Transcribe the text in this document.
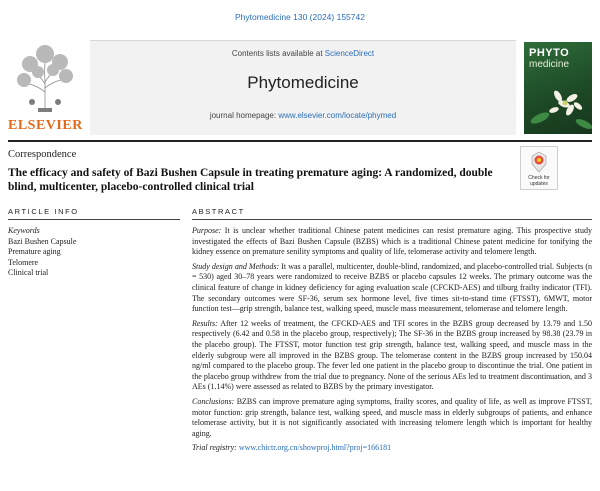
Phytomedicine 130 (2024) 155742
ELSEVIER
Contents lists available at ScienceDirect
Phytomedicine
journal homepage: www.elsevier.com/locate/phymed
PHYTO
medicine
Correspondence
The efficacy and safety of Bazi Bushen Capsule in treating premature aging: A randomized, double blind, multicenter, placebo-controlled clinical trial
Check for updates
ARTICLE INFO	ABSTRACT
Keywords
Bazi Bushen Capsule
Premature aging
Telomere
Clinical trial

Purpose: It is unclear whether traditional Chinese patent medicines can resist premature aging. This prospective study investigated the effects of Bazi Bushen Capsule (BZBS) which is a traditional Chinese patent medicine for tonifying the kidney essence on premature senility symptoms and quality of life, telomerase activity and telomere length.

Study design and Methods: It was a parallel, multicenter, double-blind, randomized, and placebo-controlled trial. Subjects (n = 530) aged 30–78 years were randomized to receive BZBS or placebo capsules 12 weeks. The primary outcome was the clinical feature of change in kidney deficiency for aging evaluation scale (CFCKD-AES) and tilburg frailty indicator (TFI). The secondary outcomes were SF-36, serum sex hormone level, five times sit-to-stand time (FTSST), 6MWT, motor function test—grip strength, balance test, walking speed, muscle mass measurement, telomerase and telomere length.

Results: After 12 weeks of treatment, the CFCKD-AES and TFI scores in the BZBS group decreased by 13.79 and 1.50 respectively (6.42 and 0.58 in the placebo group, respectively); The SF-36 in the BZBS group increased by 98.38 (23.79 in the placebo group). The FTSST, motor function test grip strength, balance test, walking speed, and muscle mass in the elderly subgroup were all improved in the BZBS group. The telomerase content in the BZBS group increased by 150.04 ng/ml compared to the placebo group. The fever led one patient in the placebo group to discontinue the trial. One patient in the placebo group withdrew from the trial due to pregnancy. None of the serious AEs led to treatment discontinuation, and 3 AEs (1.14%) were assessed as related to BZBS by the primary investigator.

Conclusions: BZBS can improve premature aging symptoms, frailty scores, and quality of life, as well as improve FTSST, motor function: grip strength, balance test, walking speed, and muscle mass in elderly subgroups of patients, and enhance telomerase activity, but it is not significantly associated with increasing telomere length which is important for healthy aging.

Trial registry: www.chictr.org.cn/showproj.html?proj=166181
